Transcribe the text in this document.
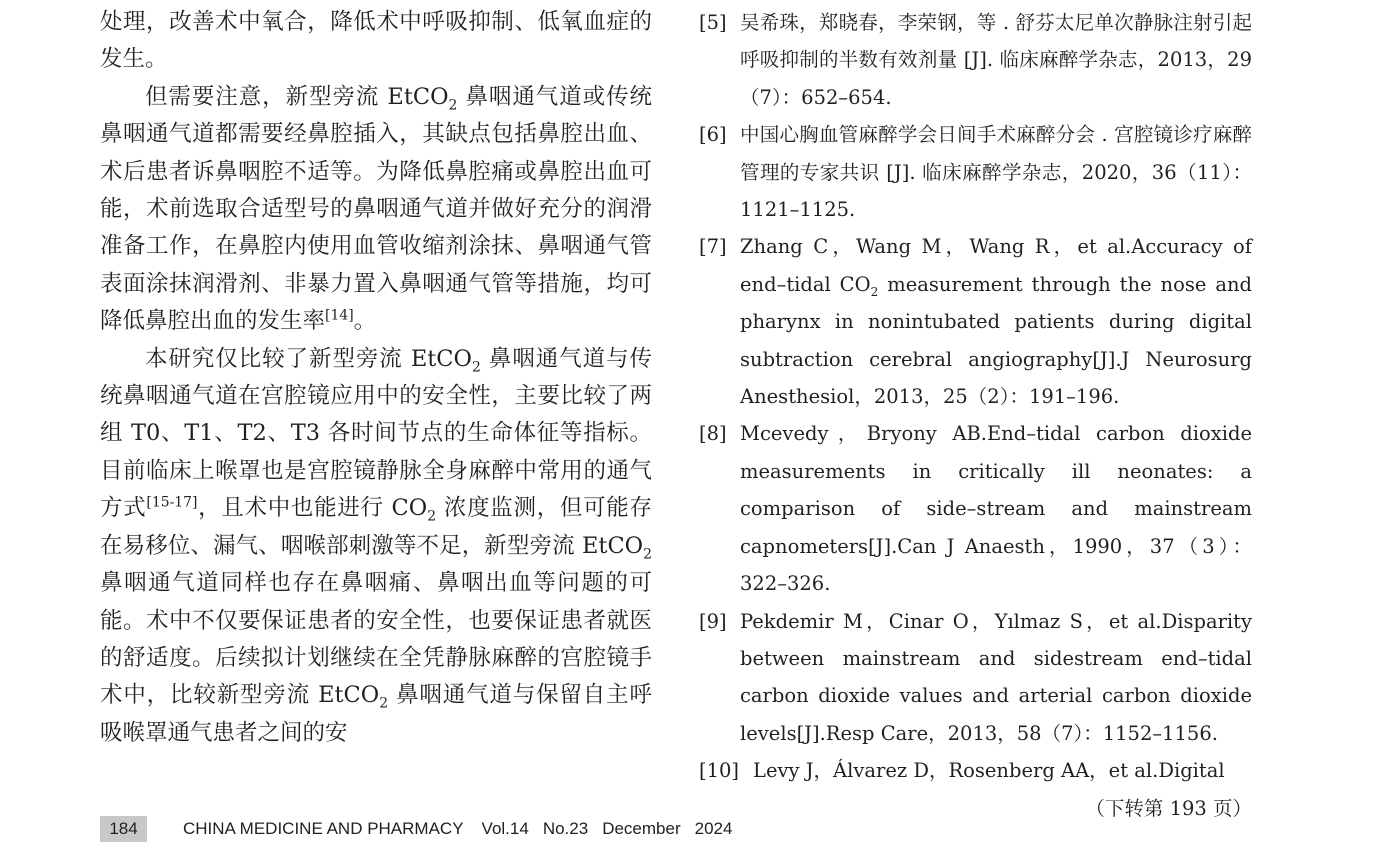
处理，改善术中氧合，降低术中呼吸抑制、低氧血症的发生。

但需要注意，新型旁流 EtCO$_2$ 鼻咽通气道或传统鼻咽通气道都需要经鼻腔插入，其缺点包括鼻腔出血、术后患者诉鼻咽腔不适等。为降低鼻腔痛或鼻腔出血可能，术前选取合适型号的鼻咽通气道并做好充分的润滑准备工作，在鼻腔内使用血管收缩剂涂抹、鼻咽通气管表面涂抹润滑剂、非暴力置入鼻咽通气管等措施，均可降低鼻腔出血的发生率[14]。

本研究仅比较了新型旁流 EtCO$_2$ 鼻咽通气道与传统鼻咽通气道在宫腔镜应用中的安全性，主要比较了两组 T0、T1、T2、T3 各时间节点的生命体征等指标。目前临床上喉罩也是宫腔镜静脉全身麻醉中常用的通气方式[15-17]，且术中也能进行 $CO_2$ 浓度监测，但可能存在易移位、漏气、咽喉部刺激等不足，新型旁流 EtCO$_2$ 鼻咽通气道同样也存在鼻咽痛、鼻咽出血等问题的可能。术中不仅要保证患者的安全性，也要保证患者就医的舒适度。后续拟计划继续在全凭静脉麻醉的宫腔镜手术中，比较新型旁流 EtCO$_2$ 鼻咽通气道与保留自主呼吸喉罩通气患者之间的安

[5] 吴希珠，郑晓春，李荣钢，等 . 舒芬太尼单次静脉注射引起呼吸抑制的半数有效剂量 [J]. 临床麻醉学杂志，2013，29（7）：652–654.

[6] 中国心胸血管麻醉学会日间手术麻醉分会 . 宫腔镜诊疗麻醉管理的专家共识 [J]. 临床麻醉学杂志，2020，36（11）：1121–1125.

[7] Zhang C，Wang M，Wang R，et al.Accuracy of end–tidal $CO_2$ measurement through the nose and pharynx in nonintubated patients during digital subtraction cerebral angiography[J].J Neurosurg Anesthesiol，2013，25（2）：191–196.

[8] Mcevedy，Bryony AB.End–tidal carbon dioxide measurements in critically ill neonates: a comparison of side–stream and mainstream capnometers[J].Can J Anaesth，1990，37（3）：322–326.

[9] Pekdemir M，Cinar O，Yılmaz S，et al.Disparity between mainstream and sidestream end–tidal carbon dioxide values and arterial carbon dioxide levels[J].Resp Care，2013，58（7）：1152–1156.

[10] Levy J，Álvarez D，Rosenberg AA，et al.Digital

（下转第 193 页）

184	CHINA MEDICINE AND PHARMACY Vol.14 No.23 December 2024
